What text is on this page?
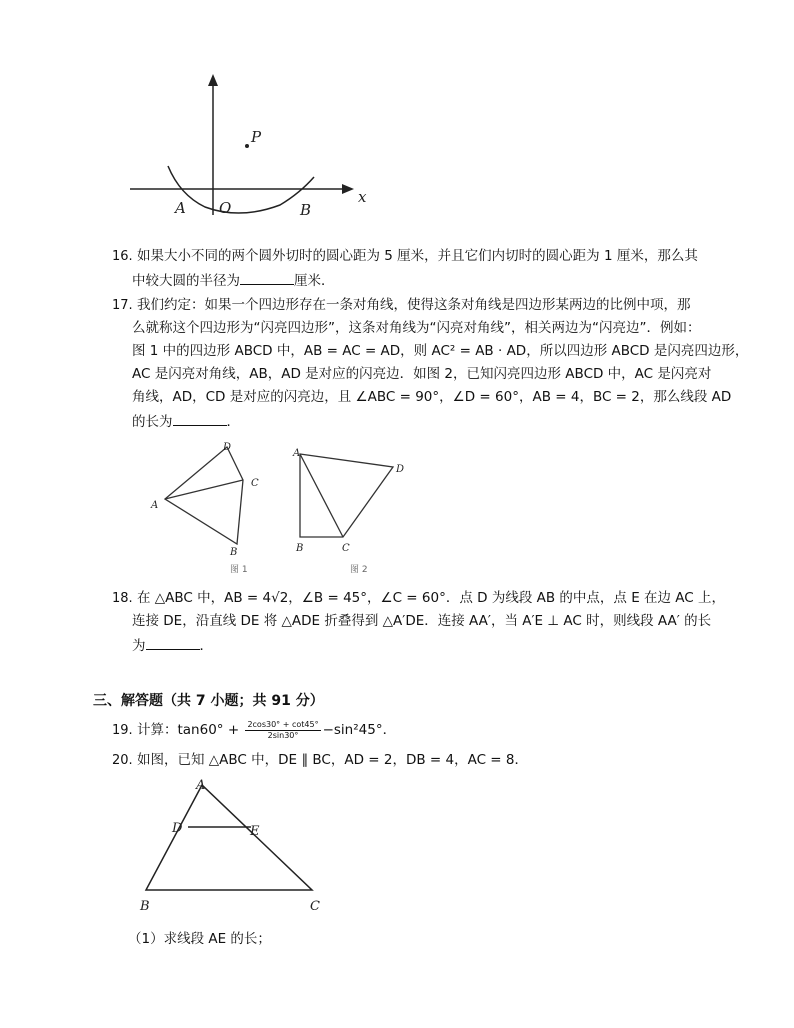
P
x
A O	B
16. 如果大小不同的两个圆外切时的圆心距为 5 厘米，并且它们内切时的圆心距为 1 厘米，那么其
中较大圆的半径为	厘米．
17. 我们约定：如果一个四边形存在一条对角线，使得这条对角线是四边形某两边的比例中项，那
么就称这个四边形为“闪亮四边形”，这条对角线为“闪亮对角线”，相关两边为“闪亮边”．例如：
图 1 中的四边形 ABCD 中，AB = AC = AD，则 AC² = AB · AD，所以四边形 ABCD 是闪亮四边形，
AC 是闪亮对角线，AB，AD 是对应的闪亮边．如图 2，已知闪亮四边形 ABCD 中，AC 是闪亮对
角线，AD，CD 是对应的闪亮边，且 ∠ABC = 90°，∠D = 60°，AB = 4，BC = 2，那么线段 AD
的长为	．
D
C
A
B
图 1
A
D
B	C
图 2
18. 在 △ABC 中，AB = 4√2，∠B = 45°，∠C = 60°．点 D 为线段 AB 的中点，点 E 在边 AC 上，
连接 DE，沿直线 DE 将 △ADE 折叠得到 △A′DE．连接 AA′，当 A′E ⊥ AC 时，则线段 AA′ 的长
为	．
三、解答题（共 7 小题；共 91 分）
19. 计算：$\tan 60^\circ + \frac{2\cos 30^\circ + \cot 45^\circ}{2\sin 30^\circ} -\sin^245^\circ$．
20. 如图，已知 △ABC 中，DE ∥ BC，AD = 2，DB = 4，AC = 8．
A
D	E
B	C
（1）求线段 AE 的长；
